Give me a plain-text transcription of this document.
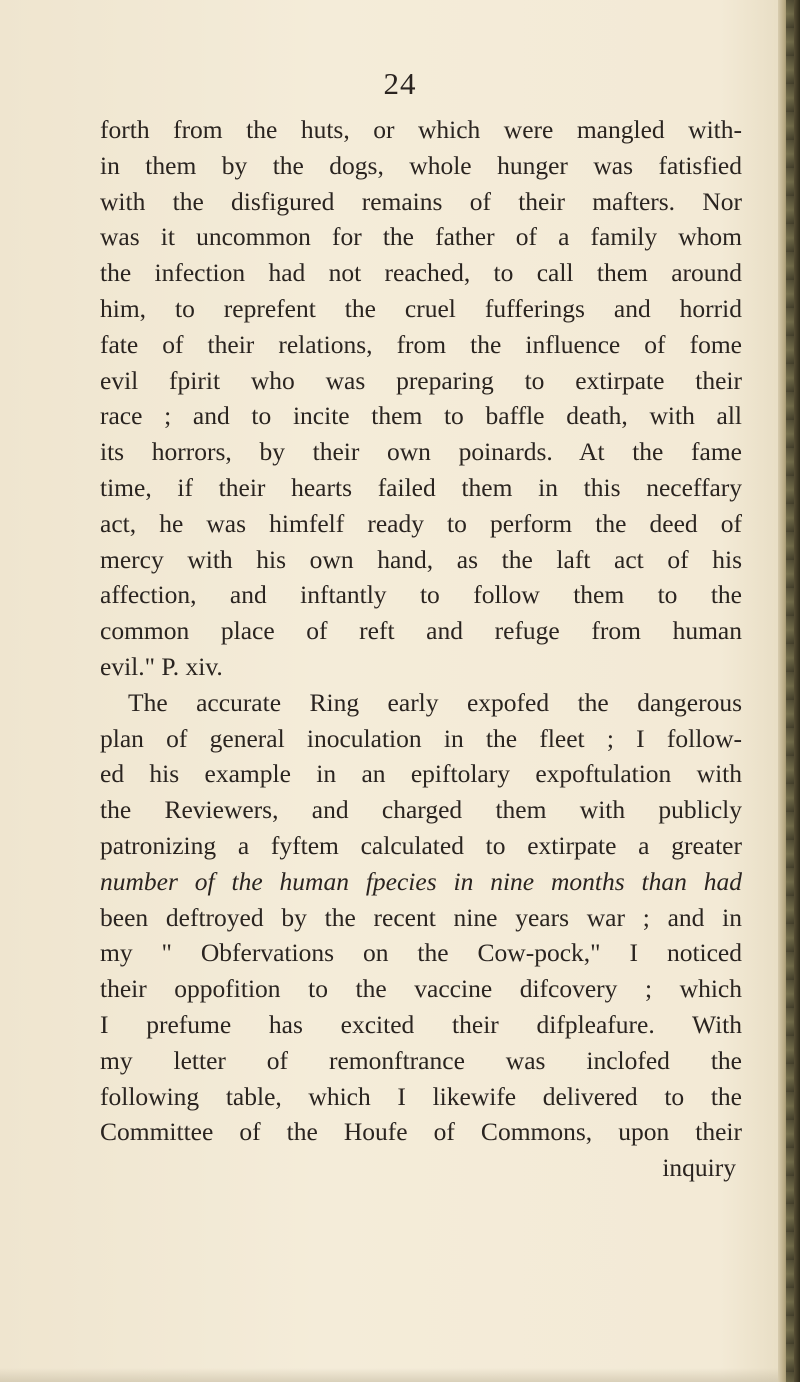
24
forth from the huts, or which were mangled with-
in them by the dogs, whole hunger was fatisfied
with the disfigured remains of their mafters. Nor
was it uncommon for the father of a family whom
the infection had not reached, to call them around
him, to reprefent the cruel fufferings and horrid
fate of their relations, from the influence of fome
evil fpirit who was preparing to extirpate their
race ; and to incite them to baffle death, with all
its horrors, by their own poinards. At the fame
time, if their hearts failed them in this neceffary
act, he was himfelf ready to perform the deed of
mercy with his own hand, as the laft act of his
affection, and inftantly to follow them to the
common place of reft and refuge from human
evil." P. xiv.
The accurate Ring early expofed the dangerous
plan of general inoculation in the fleet ; I follow-
ed his example in an epiftolary expoftulation with
the Reviewers, and charged them with publicly
patronizing a fyftem calculated to extirpate a greater
number of the human fpecies in nine months than had
been deftroyed by the recent nine years war ; and in
my " Obfervations on the Cow-pock," I noticed
their oppofition to the vaccine difcovery ; which
I prefume has excited their difpleafure. With
my letter of remonftrance was inclofed the
following table, which I likewife delivered to the
Committee of the Houfe of Commons, upon their
inquiry
